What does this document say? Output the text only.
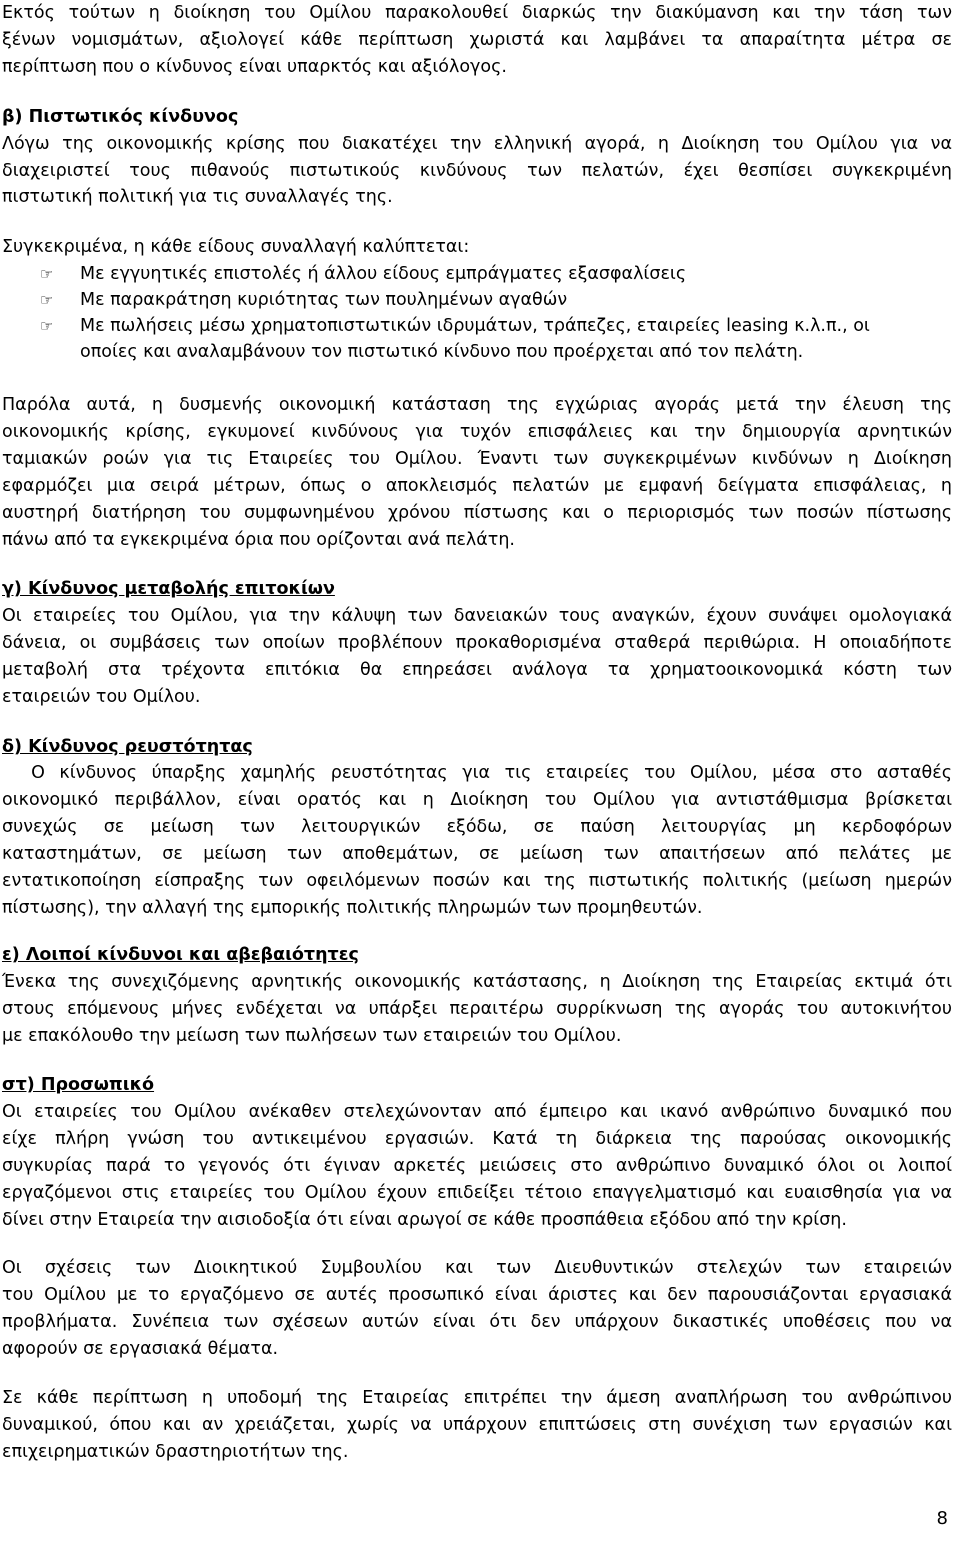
Εκτός τούτων η διοίκηση του Ομίλου παρακολουθεί διαρκώς την διακύμανση και την τάση των
ξένων νομισμάτων, αξιολογεί κάθε περίπτωση χωριστά και λαμβάνει τα απαραίτητα μέτρα σε
περίπτωση που ο κίνδυνος είναι υπαρκτός και αξιόλογος.
β) Πιστωτικός κίνδυνος
Λόγω της οικονομικής κρίσης που διακατέχει την ελληνική αγορά, η Διοίκηση του Ομίλου για να
διαχειριστεί τους πιθανούς πιστωτικούς κινδύνους των πελατών, έχει θεσπίσει συγκεκριμένη
πιστωτική πολιτική για τις συναλλαγές της.
Συγκεκριμένα, η κάθε είδους συναλλαγή καλύπτεται:
☞ Με εγγυητικές επιστολές ή άλλου είδους εμπράγματες εξασφαλίσεις
☞ Με παρακράτηση κυριότητας των πουλημένων αγαθών
☞ Με πωλήσεις μέσω χρηματοπιστωτικών ιδρυμάτων, τράπεζες, εταιρείες leasing κ.λ.π., οι
οποίες και αναλαμβάνουν τον πιστωτικό κίνδυνο που προέρχεται από τον πελάτη.
Παρόλα αυτά, η δυσμενής οικονομική κατάσταση της εγχώριας αγοράς μετά την έλευση της
οικονομικής κρίσης, εγκυμονεί κινδύνους για τυχόν επισφάλειες και την δημιουργία αρνητικών
ταμιακών ροών για τις Εταιρείες του Ομίλου. Έναντι των συγκεκριμένων κινδύνων η Διοίκηση
εφαρμόζει μια σειρά μέτρων, όπως ο αποκλεισμός πελατών με εμφανή δείγματα επισφάλειας, η
αυστηρή διατήρηση του συμφωνημένου χρόνου πίστωσης και ο περιορισμός των ποσών πίστωσης
πάνω από τα εγκεκριμένα όρια που ορίζονται ανά πελάτη.
γ) Κίνδυνος μεταβολής επιτοκίων
Οι εταιρείες του Ομίλου, για την κάλυψη των δανειακών τους αναγκών, έχουν συνάψει ομολογιακά
δάνεια, οι συμβάσεις των οποίων προβλέπουν προκαθορισμένα σταθερά περιθώρια. Η οποιαδήποτε
μεταβολή στα τρέχοντα επιτόκια θα επηρεάσει ανάλογα τα χρηματοοικονομικά κόστη των
εταιρειών του Ομίλου.
δ) Κίνδυνος ρευστότητας
Ο κίνδυνος ύπαρξης χαμηλής ρευστότητας για τις εταιρείες του Ομίλου, μέσα στο ασταθές
οικονομικό περιβάλλον, είναι ορατός και η Διοίκηση του Ομίλου για αντιστάθμισμα βρίσκεται
συνεχώς σε μείωση των λειτουργικών εξόδω, σε παύση λειτουργίας μη κερδοφόρων
καταστημάτων, σε μείωση των αποθεμάτων, σε μείωση των απαιτήσεων από πελάτες με
εντατικοποίηση είσπραξης των οφειλόμενων ποσών και της πιστωτικής πολιτικής (μείωση ημερών
πίστωσης), την αλλαγή της εμπορικής πολιτικής πληρωμών των προμηθευτών.
ε) Λοιποί κίνδυνοι και αβεβαιότητες
Ένεκα της συνεχιζόμενης αρνητικής οικονομικής κατάστασης, η Διοίκηση της Εταιρείας εκτιμά ότι
στους επόμενους μήνες ενδέχεται να υπάρξει περαιτέρω συρρίκνωση της αγοράς του αυτοκινήτου
με επακόλουθο την μείωση των πωλήσεων των εταιρειών του Ομίλου.
στ) Προσωπικό
Οι εταιρείες του Ομίλου ανέκαθεν στελεχώνονταν από έμπειρο και ικανό ανθρώπινο δυναμικό που
είχε πλήρη γνώση του αντικειμένου εργασιών. Κατά τη διάρκεια της παρούσας οικονομικής
συγκυρίας παρά το γεγονός ότι έγιναν αρκετές μειώσεις στο ανθρώπινο δυναμικό όλοι οι λοιποί
εργαζόμενοι στις εταιρείες του Ομίλου έχουν επιδείξει τέτοιο επαγγελματισμό και ευαισθησία για να
δίνει στην Εταιρεία την αισιοδοξία ότι είναι αρωγοί σε κάθε προσπάθεια εξόδου από την κρίση.
Οι σχέσεις των Διοικητικού Συμβουλίου και των Διευθυντικών στελεχών των εταιρειών
του Ομίλου με το εργαζόμενο σε αυτές προσωπικό είναι άριστες και δεν παρουσιάζονται εργασιακά
προβλήματα. Συνέπεια των σχέσεων αυτών είναι ότι δεν υπάρχουν δικαστικές υποθέσεις που να
αφορούν σε εργασιακά θέματα.
Σε κάθε περίπτωση η υποδομή της Εταιρείας επιτρέπει την άμεση αναπλήρωση του ανθρώπινου
δυναμικού, όπου και αν χρειάζεται, χωρίς να υπάρχουν επιπτώσεις στη συνέχιση των εργασιών και
επιχειρηματικών δραστηριοτήτων της.
8
